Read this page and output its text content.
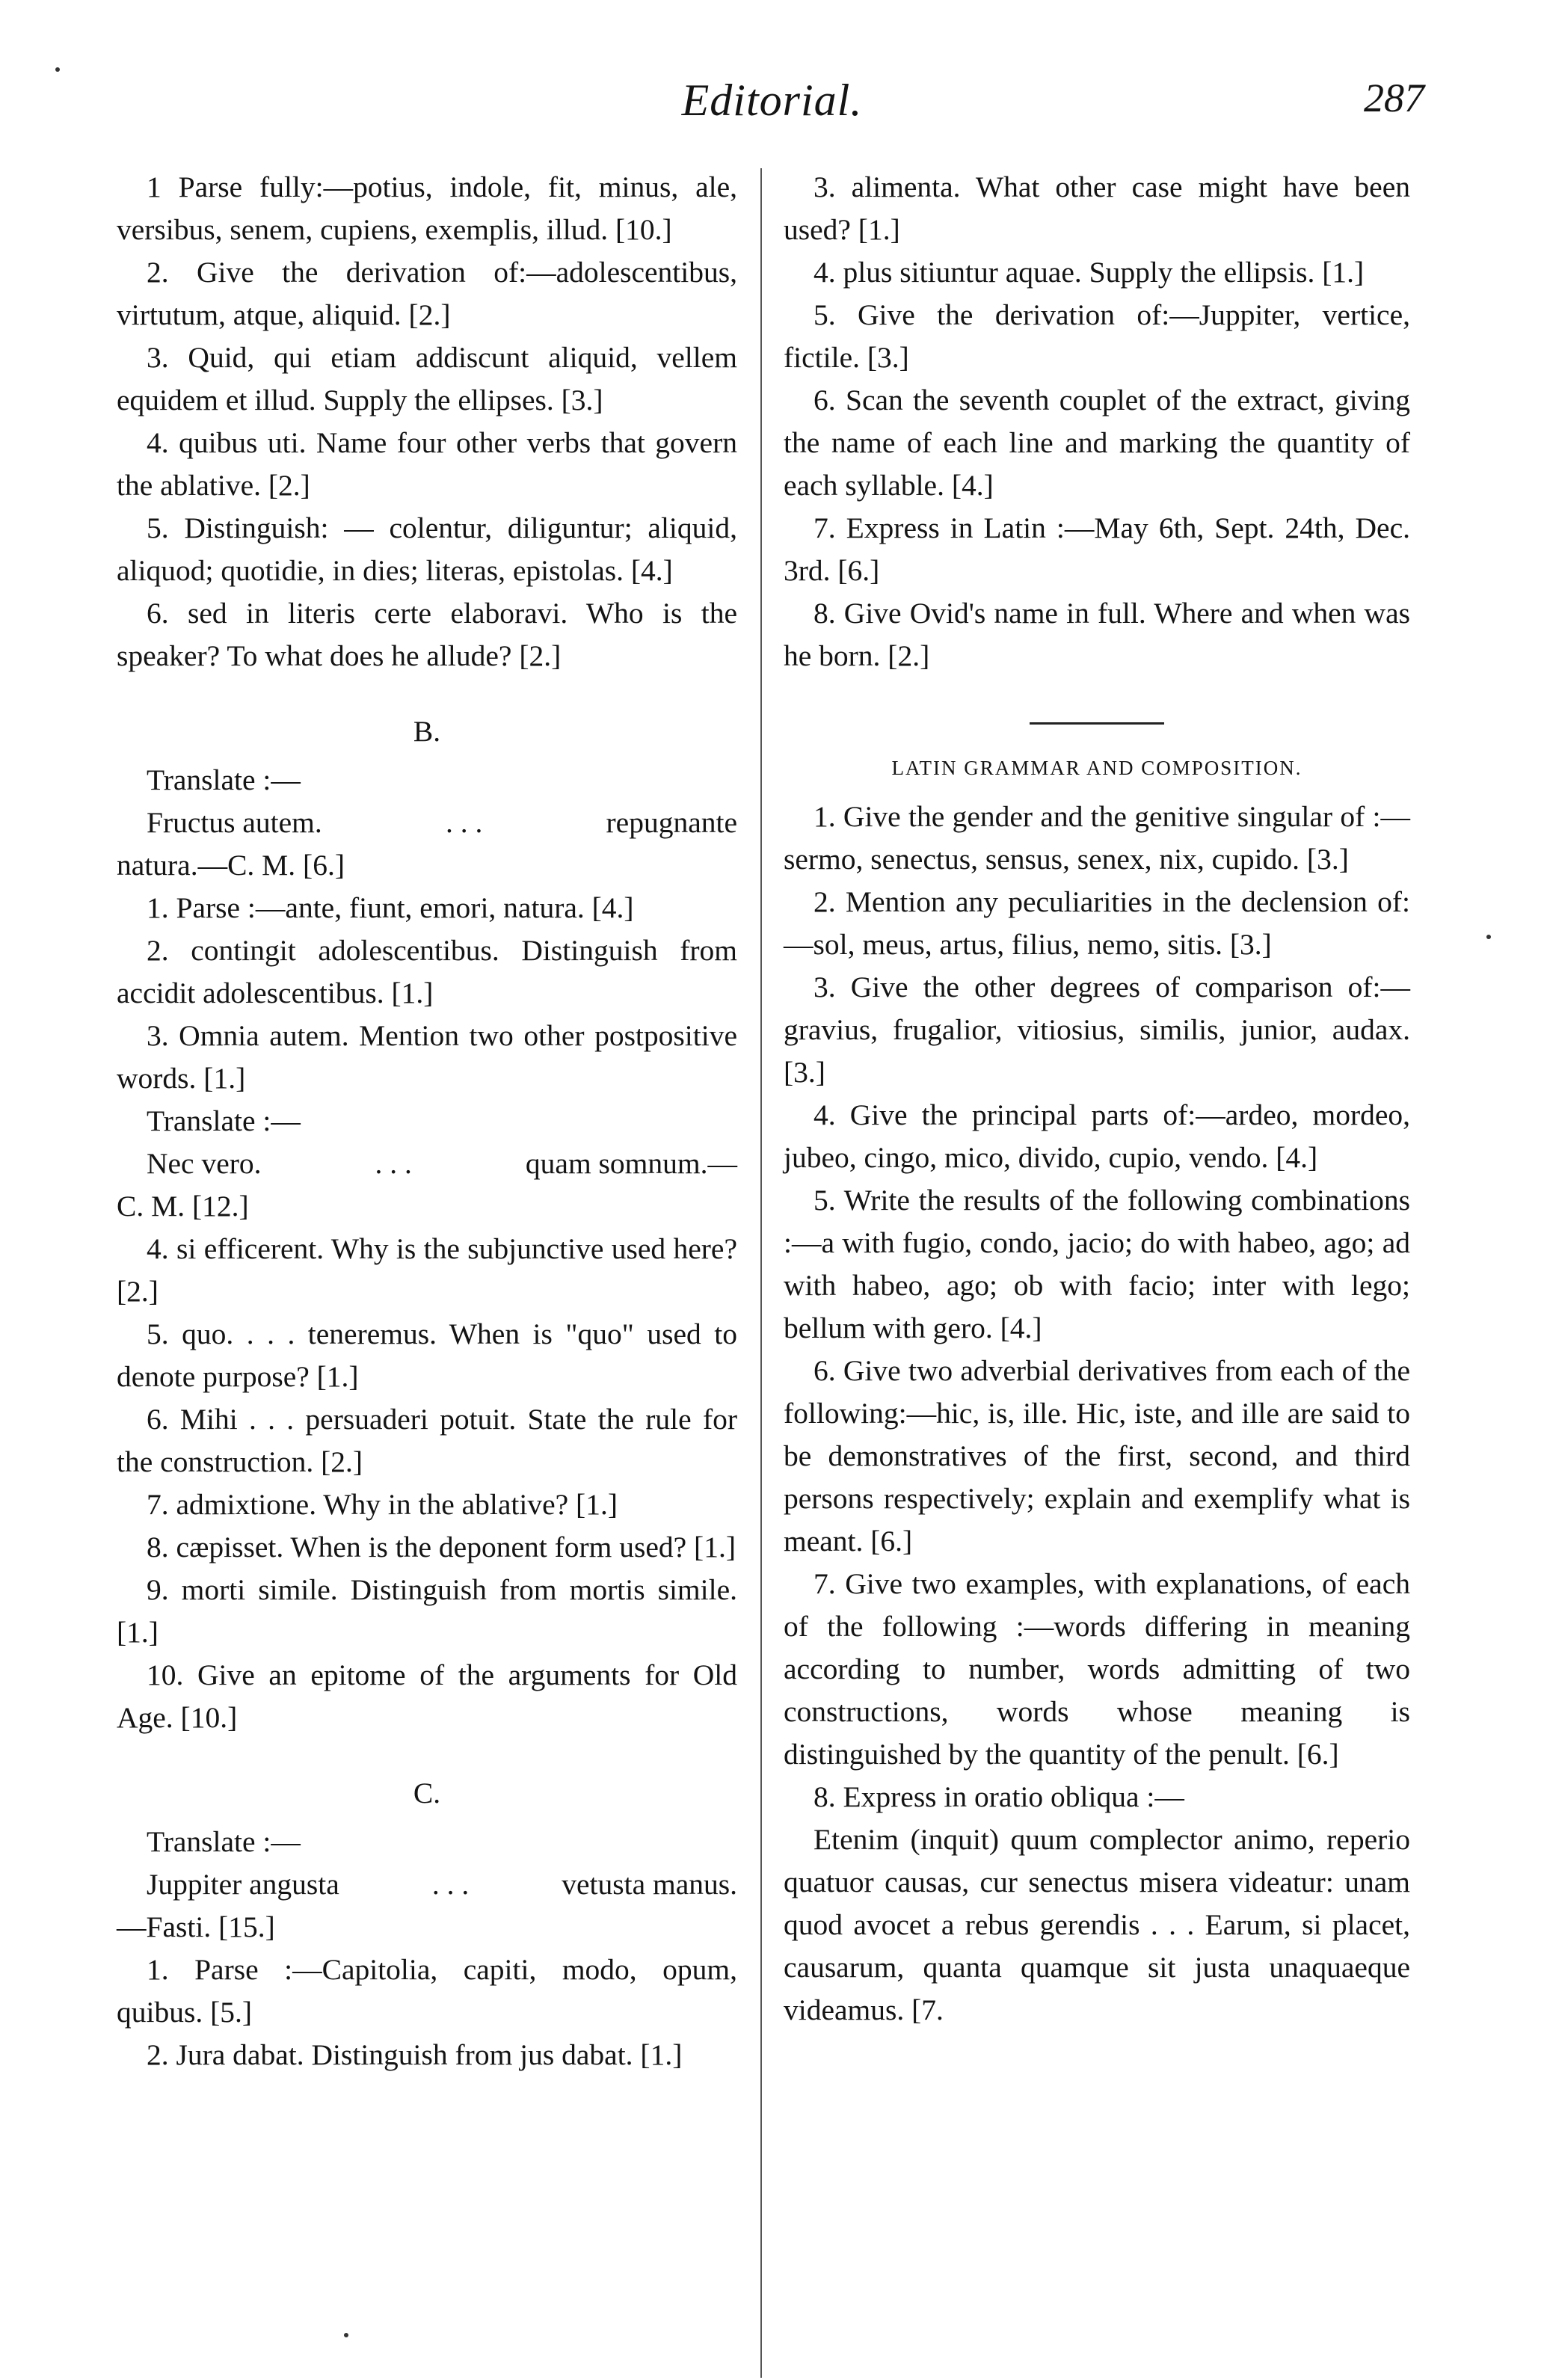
Editorial.	287

1 Parse fully:—potius, indole, fit, minus, ale, versibus, senem, cupiens, exemplis, illud. [10.]

2. Give the derivation of:—adolescentibus, virtutum, atque, aliquid. [2.]

3. Quid, qui etiam addiscunt aliquid, vellem equidem et illud. Supply the ellipses. [3.]

4. quibus uti. Name four other verbs that govern the ablative. [2.]

5. Distinguish: — colentur, diliguntur; aliquid, aliquod; quotidie, in dies; literas, epistolas. [4.]

6. sed in literis certe elaboravi. Who is the speaker? To what does he allude? [2.]

B.

Translate :—

Fructus autem.	. . .	repugnante

natura.—C. M. [6.]

1. Parse :—ante, fiunt, emori, natura. [4.]

2. contingit adolescentibus. Distinguish from accidit adolescentibus. [1.]

3. Omnia autem. Mention two other postpositive words. [1.]

Translate :—

Nec vero.	. . .	quam somnum.—

C. M. [12.]

4. si efficerent. Why is the subjunctive used here? [2.]

5. quo. . . . teneremus. When is "quo" used to denote purpose? [1.]

6. Mihi . . . persuaderi potuit. State the rule for the construction. [2.]

7. admixtione. Why in the ablative? [1.]

8. cæpisset. When is the deponent form used? [1.]

9. morti simile. Distinguish from mortis simile. [1.]

10. Give an epitome of the arguments for Old Age. [10.]

C.

Translate :—

Juppiter angusta	. . .	vetusta manus.

—Fasti. [15.]

1. Parse :—Capitolia, capiti, modo, opum, quibus. [5.]

2. Jura dabat. Distinguish from jus dabat. [1.]

3. alimenta. What other case might have been used? [1.]

4. plus sitiuntur aquae. Supply the ellipsis. [1.]

5. Give the derivation of:—Juppiter, vertice, fictile. [3.]

6. Scan the seventh couplet of the extract, giving the name of each line and marking the quantity of each syllable. [4.]

7. Express in Latin :—May 6th, Sept. 24th, Dec. 3rd. [6.]

8. Give Ovid's name in full. Where and when was he born. [2.]

LATIN GRAMMAR AND COMPOSITION.

1. Give the gender and the genitive singular of :—sermo, senectus, sensus, senex, nix, cupido. [3.]

2. Mention any peculiarities in the declension of:—sol, meus, artus, filius, nemo, sitis. [3.]

3. Give the other degrees of comparison of:—gravius, frugalior, vitiosius, similis, junior, audax. [3.]

4. Give the principal parts of:—ardeo, mordeo, jubeo, cingo, mico, divido, cupio, vendo. [4.]

5. Write the results of the following combinations :—a with fugio, condo, jacio; do with habeo, ago; ad with habeo, ago; ob with facio; inter with lego; bellum with gero. [4.]

6. Give two adverbial derivatives from each of the following:—hic, is, ille. Hic, iste, and ille are said to be demonstratives of the first, second, and third persons respectively; explain and exemplify what is meant. [6.]

7. Give two examples, with explanations, of each of the following :—words differing in meaning according to number, words admitting of two constructions, words whose meaning is distinguished by the quantity of the penult. [6.]

8. Express in oratio obliqua :—

Etenim (inquit) quum complector animo, reperio quatuor causas, cur senectus misera videatur: unam quod avocet a rebus gerendis . . . Earum, si placet, causarum, quanta quamque sit justa unaquaeque videamus. [7.
